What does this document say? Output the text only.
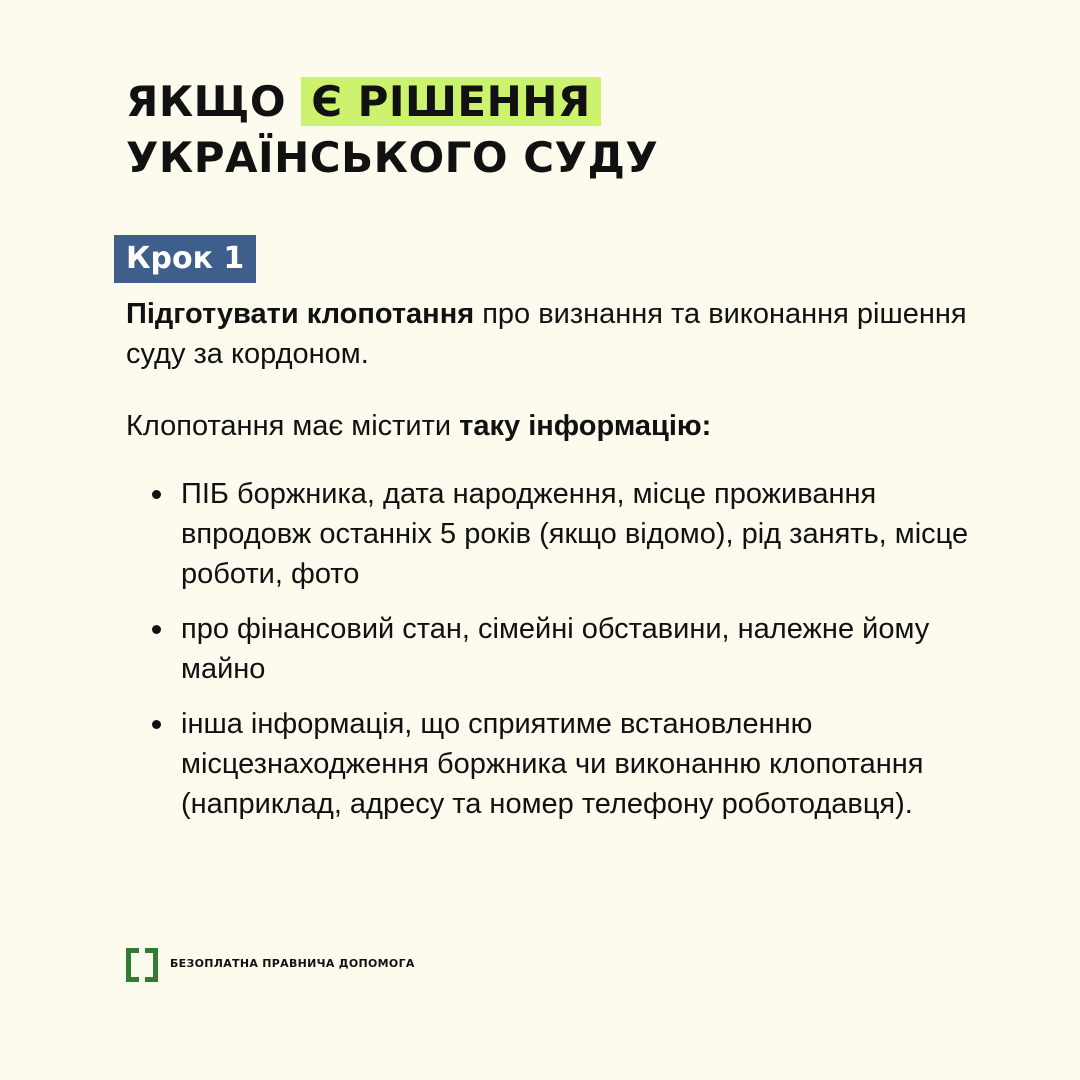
ЯКЩО Є РІШЕННЯ УКРАЇНСЬКОГО СУДУ
Крок 1

Підготувати клопотання про визнання та виконання рішення суду за кордоном.

Клопотання має містити таку інформацію:

ПІБ боржника, дата народження, місце проживання впродовж останніх 5 років (якщо відомо), рід занять, місце роботи, фото
про фінансовий стан, сімейні обставини, належне йому майно
інша інформація, що сприятиме встановленню місцезнаходження боржника чи виконанню клопотання (наприклад, адресу та номер телефону роботодавця).
БЕЗОПЛАТНА ПРАВНИЧА ДОПОМОГА
